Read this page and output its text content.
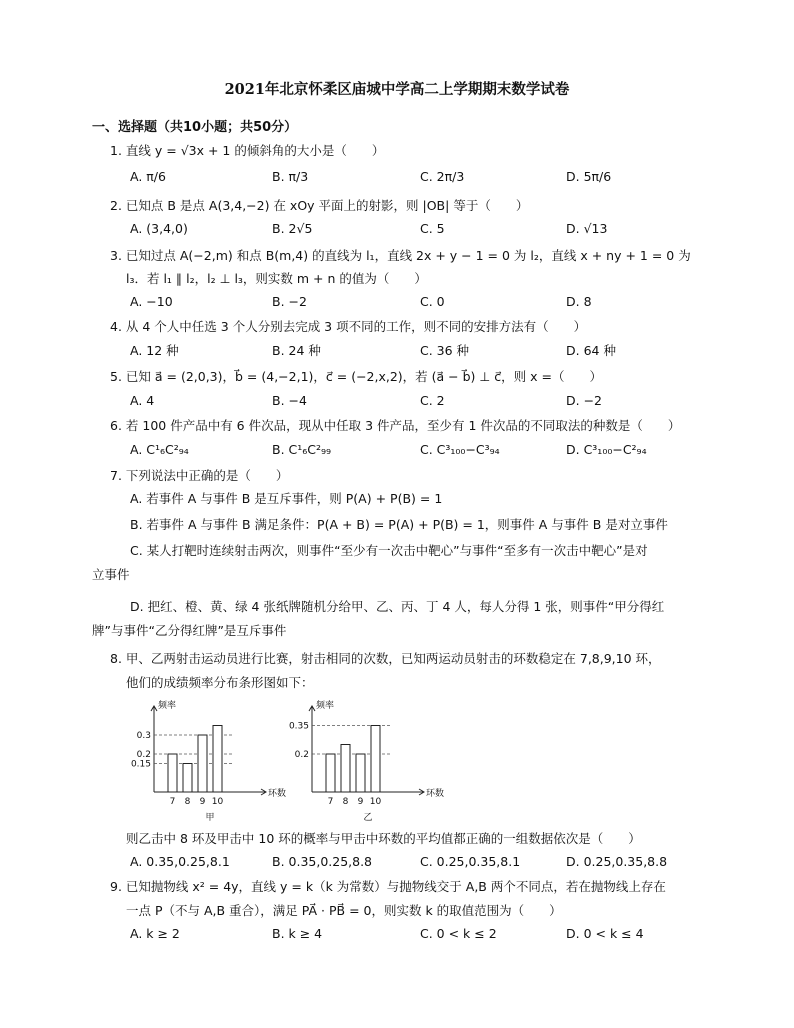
2021年北京怀柔区庙城中学高二上学期期末数学试卷
一、选择题（共10小题；共50分）
1. 直线 y = √3x + 1 的倾斜角的大小是（　　）
A. π/6	B. π/3	C. 2π/3	D. 5π/6
2. 已知点 B 是点 A(3,4,−2) 在 xOy 平面上的射影，则 |OB| 等于（　　）
A. (3,4,0)	B. 2√5	C. 5	D. √13
3. 已知过点 A(−2,m) 和点 B(m,4) 的直线为 l₁，直线 2x + y − 1 = 0 为 l₂，直线 x + ny + 1 = 0 为
l₃．若 l₁ ∥ l₂，l₂ ⊥ l₃，则实数 m + n 的值为（　　）
A. −10	B. −2	C. 0	D. 8
4. 从 4 个人中任选 3 个人分别去完成 3 项不同的工作，则不同的安排方法有（　　）
A. 12 种	B. 24 种	C. 36 种	D. 64 种
5. 已知 a⃗ = (2,0,3)，b⃗ = (4,−2,1)，c⃗ = (−2,x,2)，若 (a⃗ − b⃗) ⊥ c⃗，则 x =（　　）
A. 4	B. −4	C. 2	D. −2
6. 若 100 件产品中有 6 件次品，现从中任取 3 件产品，至少有 1 件次品的不同取法的种数是（　　）
A. C¹₆C²₉₄	B. C¹₆C²₉₉	C. C³₁₀₀−C³₉₄	D. C³₁₀₀−C²₉₄
7. 下列说法中正确的是（　　）
A. 若事件 A 与事件 B 是互斥事件，则 P(A) + P(B) = 1
B. 若事件 A 与事件 B 满足条件：P(A + B) = P(A) + P(B) = 1，则事件 A 与事件 B 是对立事件
C. 某人打靶时连续射击两次，则事件“至少有一次击中靶心”与事件“至多有一次击中靶心”是对
立事件
D. 把红、橙、黄、绿 4 张纸牌随机分给甲、乙、丙、丁 4 人，每人分得 1 张，则事件“甲分得红
牌”与事件“乙分得红牌”是互斥事件
8. 甲、乙两射击运动员进行比赛，射击相同的次数，已知两运动员射击的环数稳定在 7,8,9,10 环，
他们的成绩频率分布条形图如下：
频率
环数
甲
0.15
0.2
0.3
7 8 9 10
频率
环数
乙
0.2
0.35
7 8 9 10
则乙击中 8 环及甲击中 10 环的概率与甲击中环数的平均值都正确的一组数据依次是（　　）
A. 0.35,0.25,8.1	B. 0.35,0.25,8.8	C. 0.25,0.35,8.1	D. 0.25,0.35,8.8
9. 已知抛物线 x² = 4y，直线 y = k（k 为常数）与抛物线交于 A,B 两个不同点，若在抛物线上存在
一点 P（不与 A,B 重合），满足 PA⃗ · PB⃗ = 0，则实数 k 的取值范围为（　　）
A. k ≥ 2	B. k ≥ 4	C. 0 < k ≤ 2	D. 0 < k ≤ 4
